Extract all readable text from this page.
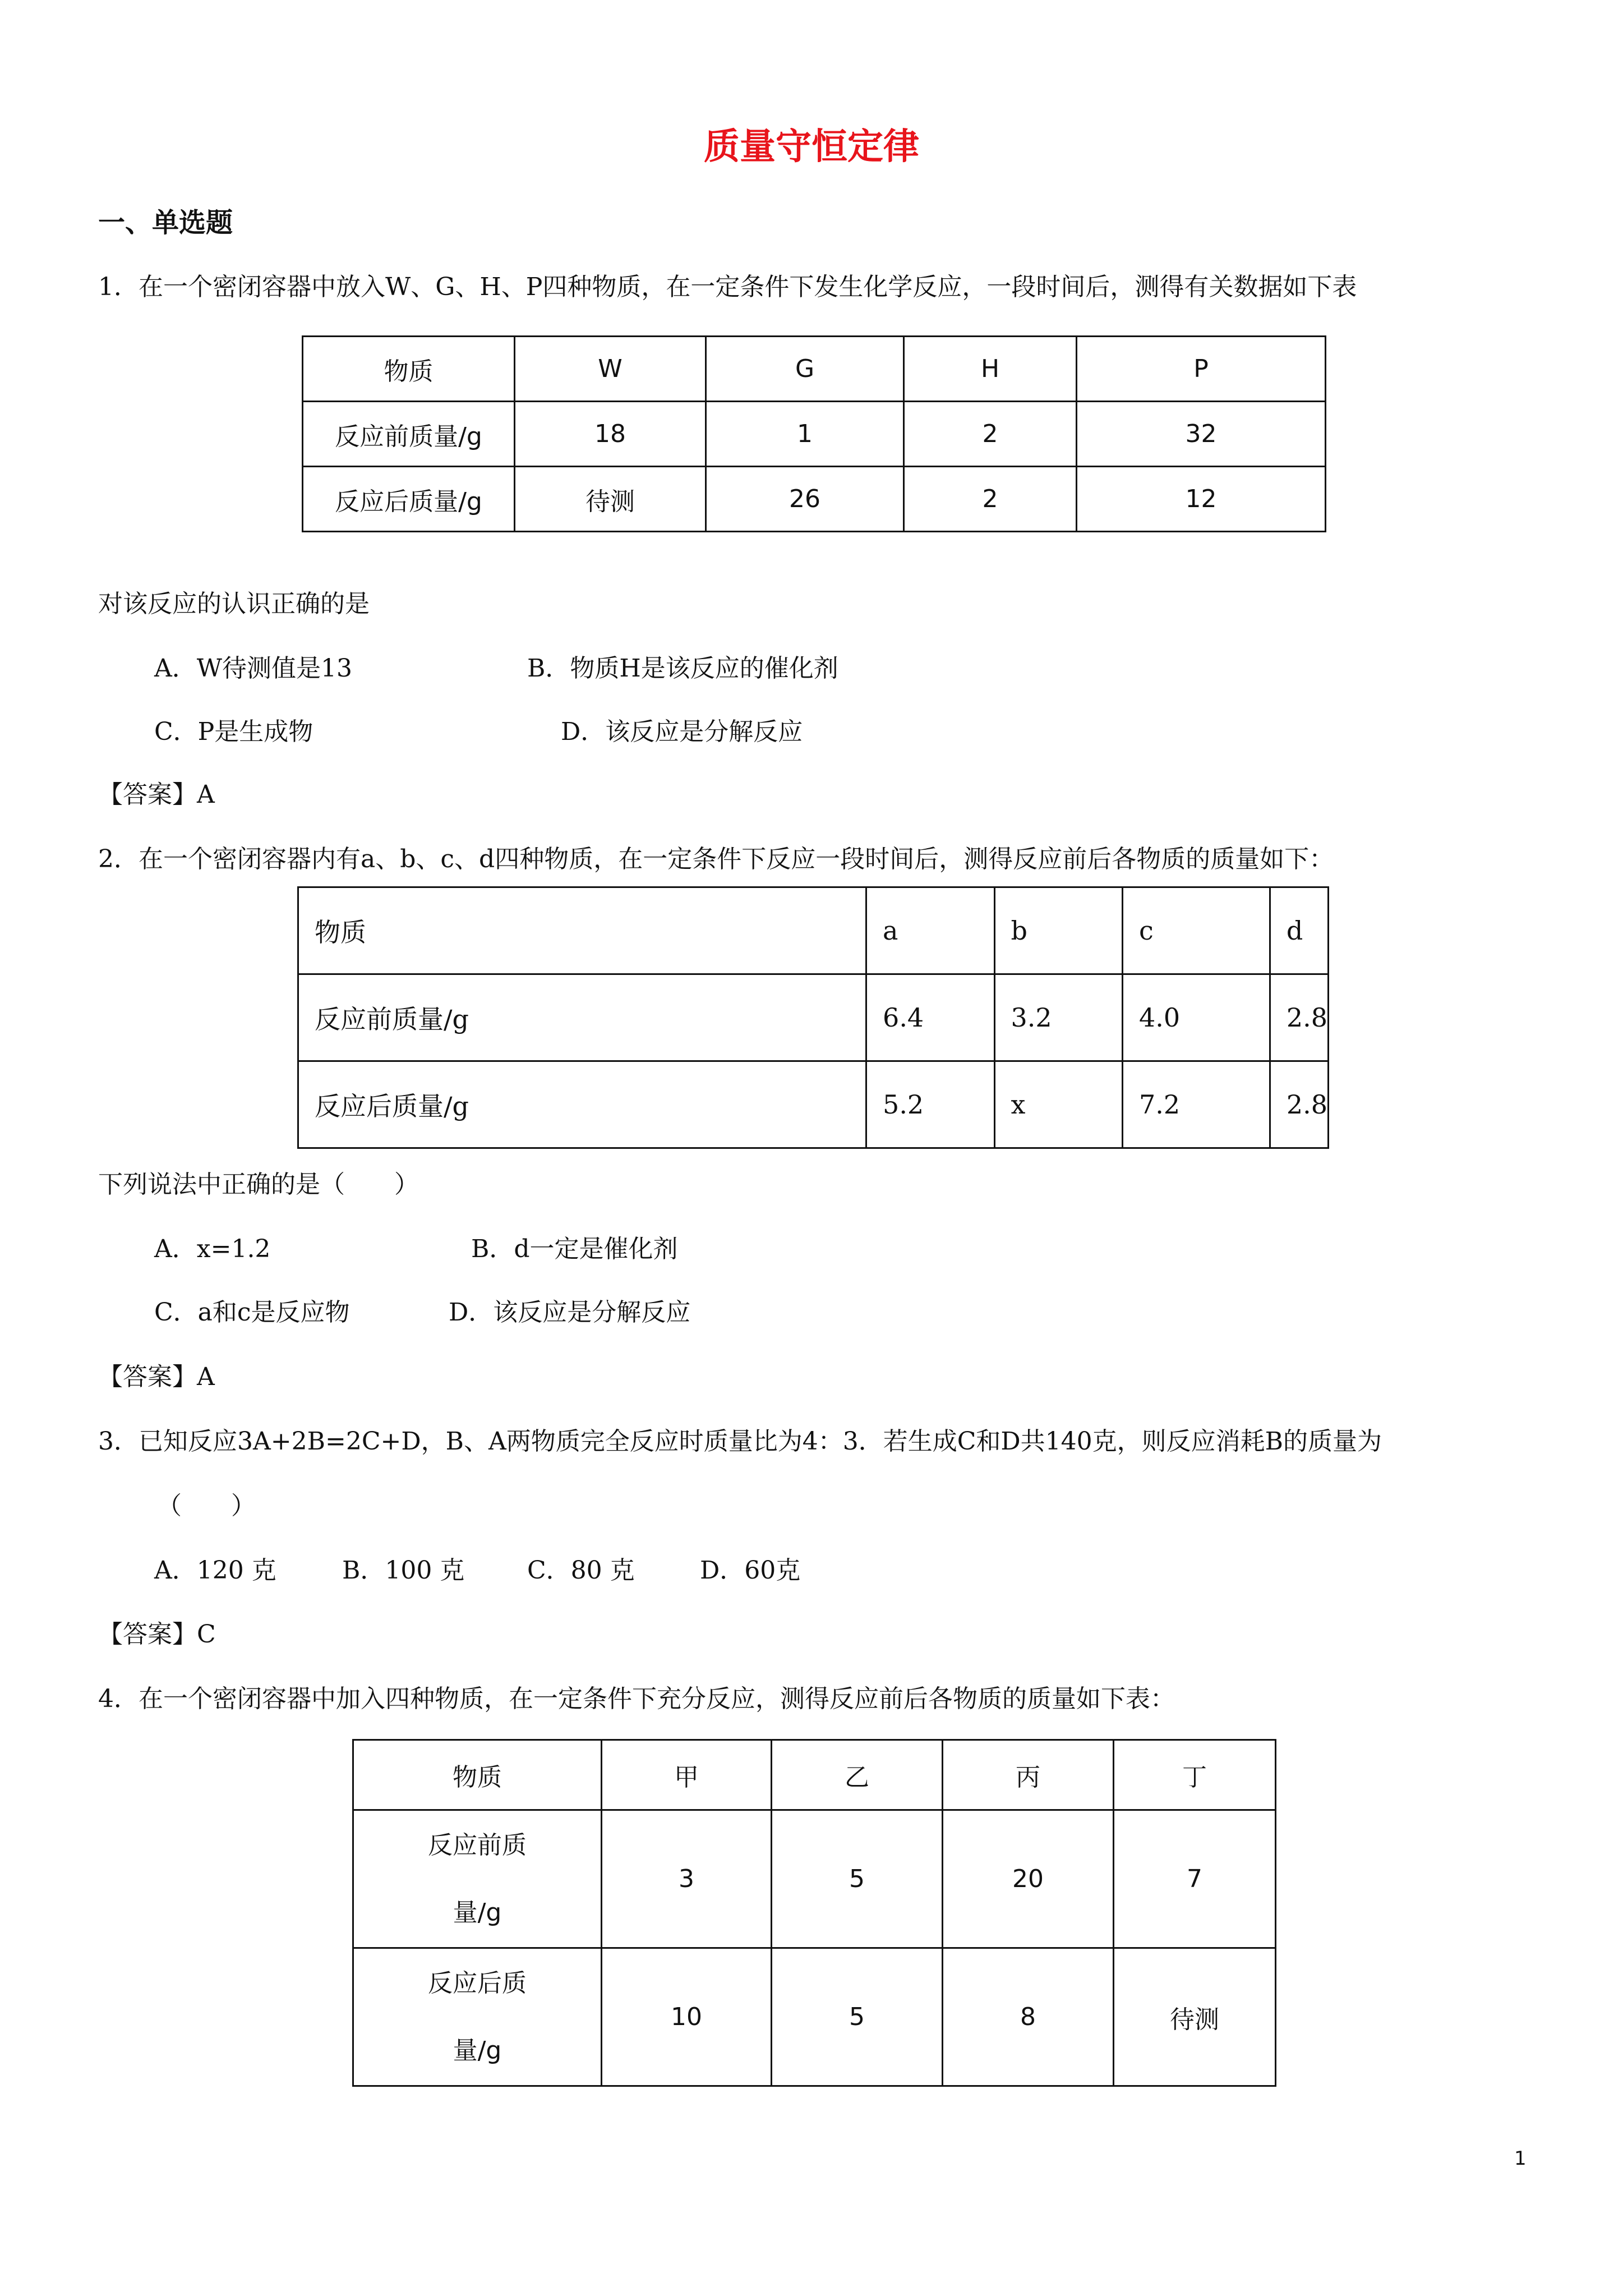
质量守恒定律
一、单选题
1．在一个密闭容器中放入W、G、H、P四种物质，在一定条件下发生化学反应，一段时间后，测得有关数据如下表
物质	W	G	H	P
反应前质量/g	18	1	2	32
反应后质量/g	待测	26	2	12
对该反应的认识正确的是
A．W待测值是13	B．物质H是该反应的催化剂
C．P是生成物	D．该反应是分解反应
【答案】A
2．在一个密闭容器内有a、b、c、d四种物质，在一定条件下反应一段时间后，测得反应前后各物质的质量如下：
物质	a	b	c	d
反应前质量/g	6.4	3.2	4.0	2.8
反应后质量/g	5.2	x	7.2	2.8
下列说法中正确的是（　　）
A．x=1.2	B．d一定是催化剂
C．a和c是反应物	D．该反应是分解反应
【答案】A
3．已知反应3A+2B=2C+D，B、A两物质完全反应时质量比为4：3．若生成C和D共140克，则反应消耗B的质量为
（　　）
A．120 克	B．100 克	C．80 克	D．60克
【答案】C
4．在一个密闭容器中加入四种物质，在一定条件下充分反应，测得反应前后各物质的质量如下表：
物质	甲	乙	丙	丁

反应前质量/g	3	5	20	7

反应后质量/g	10	5	8	待测
1
